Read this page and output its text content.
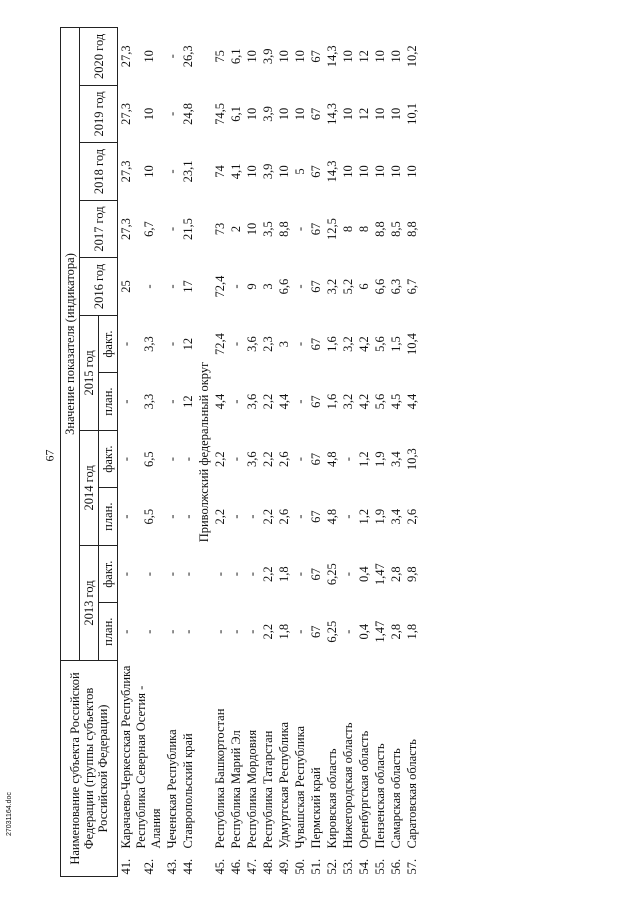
67
27031164.doc	Наименование субъекта Российской Федерации (группы субъектов Российской Федерации)		Значение показателя (индикатора)										
		2013 год		2014 год		2015 год		2016 год	2017 год	2018 год	2019 год	2020 год
		план.	факт.	план.	факт.	план.	факт.					
41.	Карачаево-Черкесская Республика	-	-	-	-	-	-	25	27,3	27,3	27,3	27,3
42.	Республика Северная Осетия - Алания	-	-	6,5	6,5	3,3	3,3	-	6,7	10	10	10
43.	Чеченская Республика	-	-	-	-	-	-	-	-	-	-	-
44.	Ставропольский край	-	-	-	-	12	12	17	21,5	23,1	24,8	26,3
Приволжский федеральный округ												
45.	Республика Башкортостан	-	-	2,2	2,2	4,4	72,4	72,4	73	74	74,5	75
46.	Республика Марий Эл	-	-	-	-	-	-	-	2	4,1	6,1	6,1
47.	Республика Мордовия	-	-	-	3,6	3,6	3,6	9	10	10	10	10
48.	Республика Татарстан	2,2	2,2	2,2	2,2	2,2	2,3	3	3,5	3,9	3,9	3,9
49.	Удмуртская Республика	1,8	1,8	2,6	2,6	4,4	3	6,6	8,8	10	10	10
50.	Чувашская Республика	-	-	-	-	-	-	-	-	5	10	10
51.	Пермский край	67	67	67	67	67	67	67	67	67	67	67
52.	Кировская область	6,25	6,25	4,8	4,8	1,6	1,6	3,2	12,5	14,3	14,3	14,3
53.	Нижегородская область	-	-	-	-	3,2	3,2	5,2	8	10	10	10
54.	Оренбургская область	0,4	0,4	1,2	1,2	4,2	4,2	6	8	10	12	12
55.	Пензенская область	1,47	1,47	1,9	1,9	5,6	5,6	6,6	8,8	10	10	10
56.	Самарская область	2,8	2,8	3,4	3,4	4,5	1,5	6,3	8,5	10	10	10
57.	Саратовская область	1,8	9,8	2,6	10,3	4,4	10,4	6,7	8,8	10	10,1	10,2
